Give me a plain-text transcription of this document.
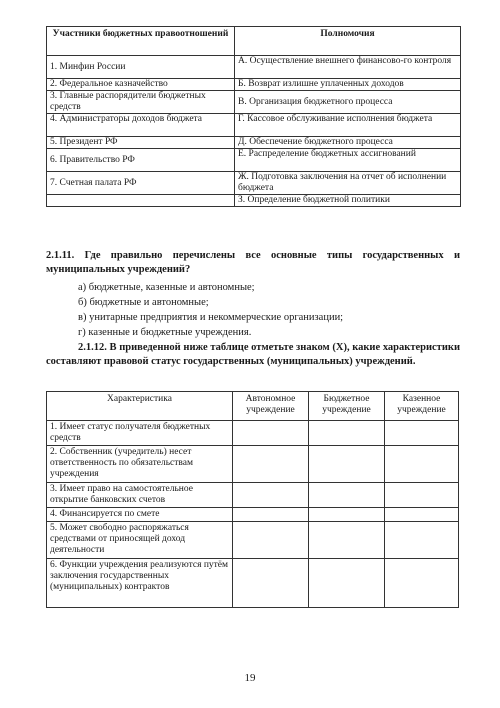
Участники бюджетных правоотношений	Полномочия
1. Минфин России	А. Осуществление внешнего финансово-го контроля
2. Федеральное казначейство	Б. Возврат излишне уплаченных доходов
3. Главные распорядители бюджетных средств	В. Организация бюджетного процесса
4. Администраторы доходов бюджета	Г. Кассовое обслуживание исполнения бюджета
5. Президент РФ	Д. Обеспечение бюджетного процесса
6. Правительство РФ	Е. Распределение бюджетных ассигнований
7. Счетная палата РФ	Ж. Подготовка заключения на отчет об исполнении бюджета
	З. Определение бюджетной политики
2.1.11. Где правильно перечислены все основные типы государственных и муниципальных учреждений?
а) бюджетные, казенные и автономные;
б) бюджетные и автономные;
в) унитарные предприятия и некоммерческие организации;
г) казенные и бюджетные учреждения.
2.1.12. В приведенной ниже таблице отметьте знаком (X), какие характеристики составляют правовой статус государственных (муниципальных) учреждений.
Характеристика	Автономное учреждение	Бюджетное учреждение	Казенное учреждение
1. Имеет статус получателя бюджетных средств			
2. Собственник (учредитель) несет ответственность по обязательствам учреждения			
3. Имеет право на самостоятельное открытие банковских счетов			
4. Финансируется по смете			
5. Может свободно распоряжаться средствами от приносящей доход деятельности			
6. Функции учреждения реализуются путём заключения государственных (муниципальных) контрактов			
19
